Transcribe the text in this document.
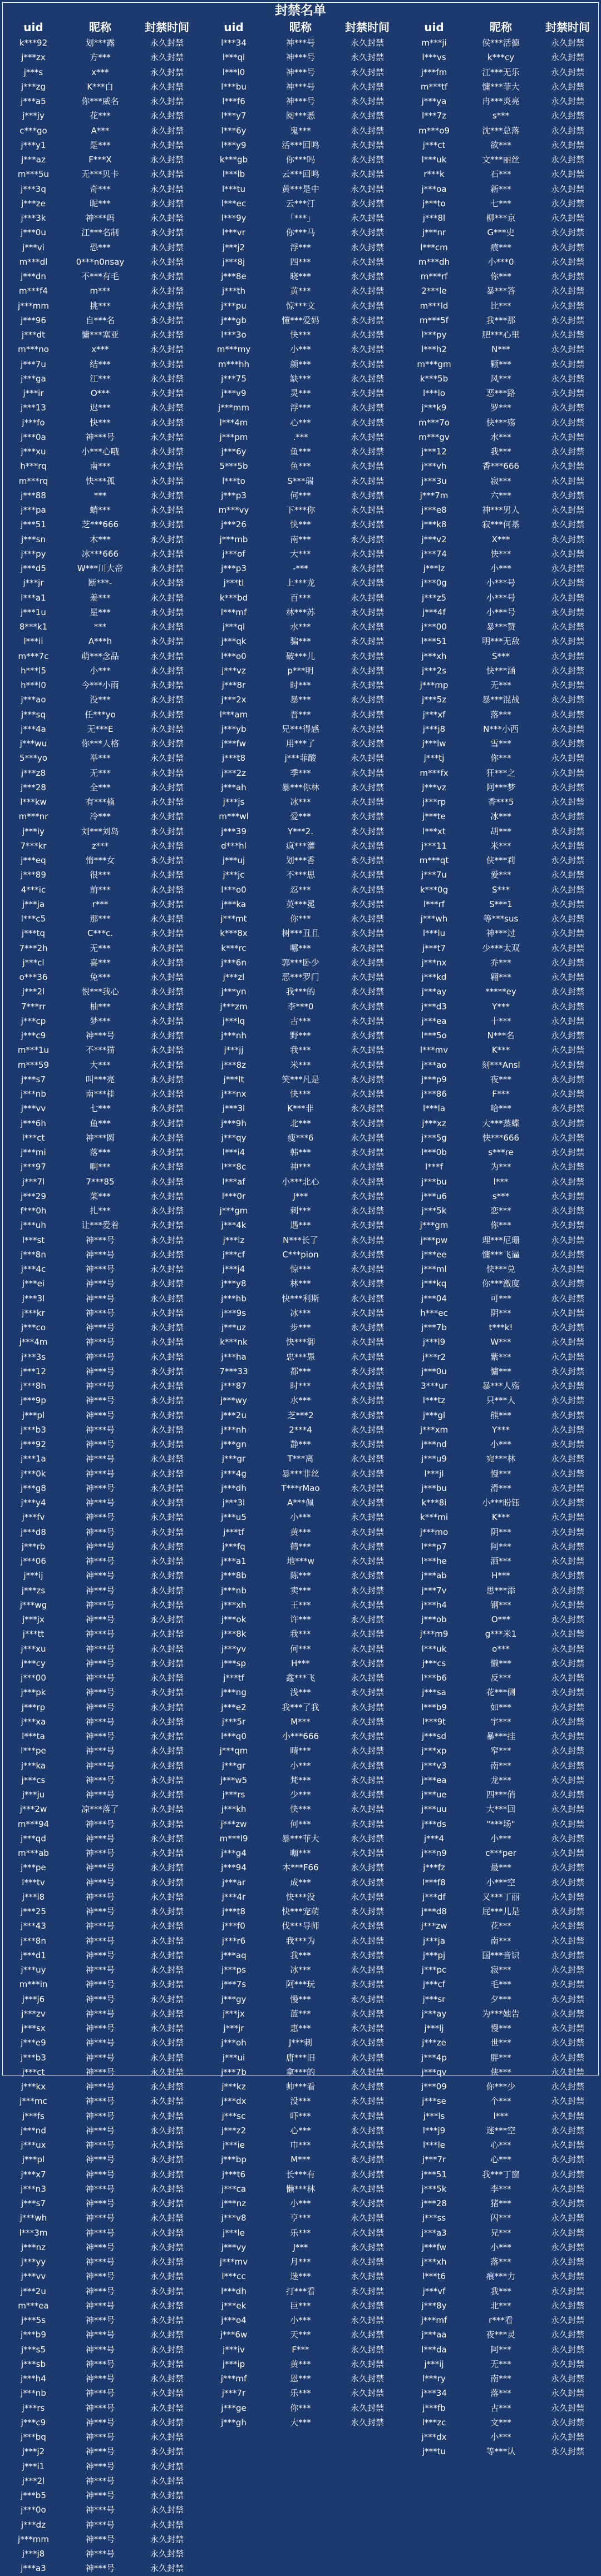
封禁名单
uid	昵称	封禁时间
k***92	划***露	永久封禁
j***zx	方***	永久封禁
j***s	x***	永久封禁
j***zg	K***白	永久封禁
j***a5	你***威名	永久封禁
j***jy	花***	永久封禁
c***go	A***	永久封禁
j***y1	是***	永久封禁
j***az	F***X	永久封禁
m***5u	无***贝卡	永久封禁
j***3q	奇***	永久封禁
j***ze	昵***	永久封禁
j***3k	神***吗	永久封禁
j***0u	江***名制	永久封禁
j***vi	恐***	永久封禁
m***dl	0***n0nsay	永久封禁
j***dn	不***有毛	永久封禁
m***f4	m***	永久封禁
j***mm	挑***	永久封禁
j***96	自***名	永久封禁
j***dt	慵***塞亚	永久封禁
m***no	x***	永久封禁
j***7u	结***	永久封禁
j***ga	江***	永久封禁
j***ir	O***	永久封禁
j***13	迟***	永久封禁
j***fo	快***	永久封禁
j***0a	神***号	永久封禁
j***xu	小***心哦	永久封禁
h***rq	南***	永久封禁
m***rq	快***孤	永久封禁
j***88	***	永久封禁
j***pa	蛸***	永久封禁
j***51	芝***666	永久封禁
j***sn	木***	永久封禁
j***py	冰***666	永久封禁
j***d5	W***川大帝	永久封禁
j***jr	断***-	永久封禁
l***a1	羞***	永久封禁
j***1u	星***	永久封禁
8***k1	***	永久封禁
l***ii	A***h	永久封禁
m***7c	萌***念品	永久封禁
h***l5	小***	永久封禁
h***l0	今***小雨	永久封禁
j***ao	没***	永久封禁
j***sq	任***yo	永久封禁
j***4a	无***E	永久封禁
j***wu	你***人格	永久封禁
5***yo	举***	永久封禁
j***z8	无***	永久封禁
j***28	全***	永久封禁
l***kw	有***楠	永久封禁
m***nr	冷***	永久封禁
j***iy	刘***刘岛	永久封禁
7***kr	z***	永久封禁
j***eq	惰***女	永久封禁
j***89	很***	永久封禁
4***ic	前***	永久封禁
j***ja	r***	永久封禁
l***c5	那***	永久封禁
j***tq	C***c.	永久封禁
7***2h	无***	永久封禁
j***cl	喜***	永久封禁
o***36	兔***	永久封禁
j***2l	恨***我心	永久封禁
7***rr	柚***	永久封禁
j***cp	梦***	永久封禁
j***c9	神***号	永久封禁
m***1u	不***猫	永久封禁
m***59	大***	永久封禁
j***s7	叫***亮	永久封禁
j***nb	南***桂	永久封禁
j***vv	七***	永久封禁
j***6h	鱼***	永久封禁
l***ct	神***圆	永久封禁
j***mi	落***	永久封禁
j***97	啊***	永久封禁
j***7l	7***85	永久封禁
j***29	菜***	永久封禁
f***0h	扎***	永久封禁
j***uh	让***爱着	永久封禁
l***st	神***号	永久封禁
j***8n	神***号	永久封禁
j***4c	神***号	永久封禁
j***ei	神***号	永久封禁
j***3l	神***号	永久封禁
j***kr	神***号	永久封禁
j***co	神***号	永久封禁
j***4m	神***号	永久封禁
j***3s	神***号	永久封禁
j***12	神***号	永久封禁
j***8h	神***号	永久封禁
j***9p	神***号	永久封禁
j***pl	神***号	永久封禁
j***b3	神***号	永久封禁
j***92	神***号	永久封禁
j***1a	神***号	永久封禁
j***0k	神***号	永久封禁
j***g8	神***号	永久封禁
j***y4	神***号	永久封禁
j***fv	神***号	永久封禁
j***d8	神***号	永久封禁
j***rb	神***号	永久封禁
j***06	神***号	永久封禁
j***ij	神***号	永久封禁
j***zs	神***号	永久封禁
j***wg	神***号	永久封禁
j***jx	神***号	永久封禁
j***tt	神***号	永久封禁
j***xu	神***号	永久封禁
j***cy	神***号	永久封禁
j***00	神***号	永久封禁
j***pk	神***号	永久封禁
j***rp	神***号	永久封禁
j***xa	神***号	永久封禁
l***ta	神***号	永久封禁
l***pe	神***号	永久封禁
j***ka	神***号	永久封禁
j***cs	神***号	永久封禁
j***ju	神***号	永久封禁
j***2w	凉***落了	永久封禁
m***94	神***号	永久封禁
j***qd	神***号	永久封禁
m***ab	神***号	永久封禁
j***pe	神***号	永久封禁
l***tv	神***号	永久封禁
j***i8	神***号	永久封禁
j***25	神***号	永久封禁
j***43	神***号	永久封禁
j***8n	神***号	永久封禁
j***d1	神***号	永久封禁
j***uy	神***号	永久封禁
m***in	神***号	永久封禁
j***j6	神***号	永久封禁
j***zv	神***号	永久封禁
j***sx	神***号	永久封禁
j***e9	神***号	永久封禁
j***b3	神***号	永久封禁
j***ct	神***号	永久封禁
j***kx	神***号	永久封禁
j***mc	神***号	永久封禁
j***fs	神***号	永久封禁
j***nd	神***号	永久封禁
j***ux	神***号	永久封禁
j***pl	神***号	永久封禁
j***x7	神***号	永久封禁
j***n3	神***号	永久封禁
j***s7	神***号	永久封禁
j***wh	神***号	永久封禁
l***3m	神***号	永久封禁
j***nz	神***号	永久封禁
j***yy	神***号	永久封禁
j***vv	神***号	永久封禁
j***2u	神***号	永久封禁
m***ea	神***号	永久封禁
j***5s	神***号	永久封禁
j***b9	神***号	永久封禁
j***s5	神***号	永久封禁
j***sb	神***号	永久封禁
j***h4	神***号	永久封禁
j***nb	神***号	永久封禁
j***rs	神***号	永久封禁
j***c9	神***号	永久封禁
j***bq	神***号	永久封禁
j***j2	神***号	永久封禁
j***i1	神***号	永久封禁
j***2l	神***号	永久封禁
j***b5	神***号	永久封禁
j***0o	神***号	永久封禁
j***dz	神***号	永久封禁
j***mm	神***号	永久封禁
j***j8	神***号	永久封禁
j***a3	神***号	永久封禁
uid	昵称	封禁时间
l***34	神***号	永久封禁
l***ql	神***号	永久封禁
l***l0	神***号	永久封禁
l***bu	神***号	永久封禁
l***f6	神***号	永久封禁
l***y7	阅***悉	永久封禁
l***6y	鬼***	永久封禁
l***y9	活***回鸣	永久封禁
k***gb	你***吗	永久封禁
l***lb	云***回鸣	永久封禁
l***tu	黄***是中	永久封禁
l***ec	云***汀	永久封禁
l***9y	「***」	永久封禁
l***vr	你***马	永久封禁
j***j2	浮***	永久封禁
j***8j	四***	永久封禁
j***8e	晓***	永久封禁
j***th	黄***	永久封禁
j***pu	惊***文	永久封禁
j***gb	懂***爱妈	永久封禁
l***3o	快***	永久封禁
m***my	小***	永久封禁
m***hh	颜***	永久封禁
j***75	缺***	永久封禁
j***v9	灵***	永久封禁
j***mm	浮***	永久封禁
l***4m	心***	永久封禁
j***pm	.***	永久封禁
j***6y	鱼***	永久封禁
5***5b	鱼***	永久封禁
l***to	S***瑞	永久封禁
j***p3	何***	永久封禁
m***vy	下***你	永久封禁
j***26	快***	永久封禁
j***mb	南***	永久封禁
j***of	大***	永久封禁
j***p3	-***	永久封禁
j***tl	上***龙	永久封禁
k***bd	百***	永久封禁
l***mf	林***苏	永久封禁
j***ql	水***	永久封禁
j***qk	骗***	永久封禁
l***o0	破***儿	永久封禁
j***vz	p***明	永久封禁
j***8r	时***	永久封禁
j***2x	暴***	永久封禁
l***am	晋***	永久封禁
j***yb	兄***得感	永久封禁
j***fw	用***了	永久封禁
j***t8	j***菲酸	永久封禁
j***2z	季***	永久封禁
j***ah	暴***你林	永久封禁
j***js	冰***	永久封禁
m***wl	爱***	永久封禁
j***39	Y***2.	永久封禁
d***hl	疯***灌	永久封禁
j***uj	划***香	永久封禁
j***jc	不***思	永久封禁
l***o0	忍***	永久封禁
j***ka	英***冕	永久封禁
j***mt	你***	永久封禁
k***8x	树***丑且	永久封禁
k***rc	哪***	永久封禁
j***6n	郭***卧少	永久封禁
j***zl	恶***罗门	永久封禁
j***yn	我***的	永久封禁
j***zm	李***0	永久封禁
j***lq	古***	永久封禁
j***nh	野***	永久封禁
j***jj	我***	永久封禁
j***8z	米***	永久封禁
j***lt	笑***凡是	永久封禁
j***nx	快***	永久封禁
j***3l	K***非	永久封禁
j***9h	北***	永久封禁
j***qy	瘦***6	永久封禁
l***i4	韩***	永久封禁
l***8c	神***	永久封禁
l***af	小***北心	永久封禁
l***0r	J***	永久封禁
j***gm	刺***	永久封禁
j***4k	遇***	永久封禁
j***lz	N***长了	永久封禁
j***cf	C***pion	永久封禁
j***j4	惊***	永久封禁
j***y8	林***	永久封禁
j***hb	快***利斯	永久封禁
j***9s	冰***	永久封禁
j***uz	步***	永久封禁
k***nk	快***御	永久封禁
j***ha	忠***愚	永久封禁
7***33	都***	永久封禁
j***87	时***	永久封禁
j***wy	水***	永久封禁
j***2u	芝***2	永久封禁
j***nh	2***4	永久封禁
j***gn	静***	永久封禁
j***gr	T***离	永久封禁
j***4g	暴***非丝	永久封禁
j***dh	T***rMao	永久封禁
j***3l	A***佩	永久封禁
j***u5	小***	永久封禁
j***tf	黄***	永久封禁
j***fq	鹤***	永久封禁
j***a1	地***w	永久封禁
j***8b	陈***	永久封禁
j***nb	卖***	永久封禁
j***xh	王***	永久封禁
j***ok	许***	永久封禁
j***8k	我***	永久封禁
j***yv	何***	永久封禁
j***sp	H***	永久封禁
j***tf	鑫***飞	永久封禁
j***ng	浅***	永久封禁
j***e2	我***了我	永久封禁
j***5r	M***	永久封禁
l***q0	小***666	永久封禁
j***qm	晴***	永久封禁
j***gr	小***	永久封禁
j***w5	梵***	永久封禁
j***rs	少***	永久封禁
j***kh	快***	永久封禁
j***zw	何***	永久封禁
m***l9	暴***菲大	永久封禁
j***g4	咖***	永久封禁
j***94	本***F66	永久封禁
j***ar	成***	永久封禁
j***4r	快***没	永久封禁
j***t8	快***宠萌	永久封禁
j***f0	伐***导师	永久封禁
j***r6	我***为	永久封禁
j***aq	我***	永久封禁
j***ps	冰***	永久封禁
j***7s	阿***玩	永久封禁
j***gy	慢***	永久封禁
j***jx	蓝***	永久封禁
j***jr	惠***	永久封禁
j***oh	J***刺	永久封禁
j***ui	唐***旧	永久封禁
j***7b	拿***的	永久封禁
j***kz	帅***看	永久封禁
j***dx	没***	永久封禁
j***sc	吓***	永久封禁
j***z2	心***	永久封禁
j***ie	巾***	永久封禁
j***bp	M***	永久封禁
j***t6	长***有	永久封禁
j***ca	懒***林	永久封禁
j***nz	小***	永久封禁
j***v8	亨***	永久封禁
j***le	乐***	永久封禁
j***vy	J***	永久封禁
j***mv	月***	永久封禁
l***cc	迷***	永久封禁
l***dh	打***看	永久封禁
j***ek	巨***	永久封禁
j***o4	小***	永久封禁
j***6w	天***	永久封禁
j***iv	F***	永久封禁
j***ip	黄***	永久封禁
j***mf	恩***	永久封禁
j***7r	乐***	永久封禁
j***ge	你***	永久封禁
j***gh	大***	永久封禁
uid	昵称	封禁时间
m***ji	侯***活德	永久封禁
l***vs	k***cy	永久封禁
j***fm	江***无乐	永久封禁
m***tf	慵***菲大	永久封禁
j***ya	冉***炎亮	永久封禁
l***7z	s***	永久封禁
m***o9	沈***总落	永久封禁
j***ct	欲***	永久封禁
l***uk	文***丽丝	永久封禁
r***k	石***	永久封禁
j***oa	新***	永久封禁
j***to	七***	永久封禁
j***8l	柳***京	永久封禁
j***nr	G***史	永久封禁
l***cm	痕***	永久封禁
m***dh	小***0	永久封禁
m***rf	你***	永久封禁
2***le	暴***答	永久封禁
m***ld	比***	永久封禁
m***5f	我***那	永久封禁
l***py	肥***心里	永久封禁
l***h2	N***	永久封禁
m***gm	颗***	永久封禁
k***5b	风***	永久封禁
l***lo	恶***路	永久封禁
j***k9	罗***	永久封禁
m***7o	快***殇	永久封禁
m***gv	水***	永久封禁
j***12	我***	永久封禁
j***vh	香***666	永久封禁
j***3u	寂***	永久封禁
j***7m	六***	永久封禁
j***e8	神***男人	永久封禁
j***k8	寂***何基	永久封禁
j***v2	X***	永久封禁
j***74	快***	永久封禁
j***lz	小***	永久封禁
j***0g	小***号	永久封禁
j***z5	小***号	永久封禁
j***4f	小***号	永久封禁
j***00	暴***赞	永久封禁
l***51	明***无敌	永久封禁
j***xh	S***	永久封禁
j***2s	快***涵	永久封禁
j***mp	无***	永久封禁
j***5z	暴***混战	永久封禁
j***xf	落***	永久封禁
j***j8	N***小西	永久封禁
j***lw	雪***	永久封禁
j***tj	你***	永久封禁
m***fx	狂***之	永久封禁
j***vz	阿***梦	永久封禁
j***rp	香***5	永久封禁
j***te	冰***	永久封禁
l***xt	胡***	永久封禁
j***11	米***	永久封禁
m***qt	侠***莉	永久封禁
j***7u	爱***	永久封禁
k***0g	S***	永久封禁
l***rf	S***1	永久封禁
j***wh	等***sus	永久封禁
l***lu	神***过	永久封禁
j***t7	少***太双	永久封禁
j***nx	乔***	永久封禁
j***kd	翱***	永久封禁
j***ay	*****ey	永久封禁
j***d3	Y***	永久封禁
j***ea	十***	永久封禁
l***5o	N***名	永久封禁
l***mv	K***	永久封禁
j***ao	刻***Ansl	永久封禁
j***p9	夜***	永久封禁
j***86	F***	永久封禁
l***la	哈***	永久封禁
j***xz	大***蒸蝶	永久封禁
j***5g	快***666	永久封禁
l***0b	s***re	永久封禁
l***f	为***	永久封禁
j***bu	l***	永久封禁
j***u6	s***	永久封禁
j***5k	恋***	永久封禁
j***gm	你***	永久封禁
j***pw	理***尼珊	永久封禁
j***ee	慵***飞逼	永久封禁
j***ml	快***兑	永久封禁
j***kq	你***激度	永久封禁
j***04	可***	永久封禁
h***ec	阴***	永久封禁
j***7b	t***k!	永久封禁
j***l9	W***	永久封禁
j***r2	紫***	永久封禁
j***0u	慵***	永久封禁
3***ur	暴***人殇	永久封禁
l***tz	只***人	永久封禁
j***gl	熊***	永久封禁
j***xm	Y***	永久封禁
j***nd	小***	永久封禁
j***u9	宛***林	永久封禁
l***jl	慢***	永久封禁
j***bu	滑***	永久封禁
k***8i	小***盼钰	永久封禁
k***mi	K***	永久封禁
j***mo	阴***	永久封禁
l***p7	阿***	永久封禁
l***he	洒***	永久封禁
j***ab	H***	永久封禁
j***7v	思***添	永久封禁
j***h4	钢***	永久封禁
j***ob	O***	永久封禁
j***m9	g***米1	永久封禁
l***uk	o***	永久封禁
j***cs	懒***	永久封禁
l***b6	反***	永久封禁
j***sa	花***侧	永久封禁
l***b9	如***	永久封禁
l***9t	宇***	永久封禁
j***sd	暴***挂	永久封禁
j***xp	窄***	永久封禁
j***v3	南***	永久封禁
j***ea	龙***	永久封禁
j***ue	四***俏	永久封禁
j***uu	大***回	永久封禁
j***ds	"***场"	永久封禁
j***4	小***	永久封禁
j***n9	c***per	永久封禁
j***fz	最***	永久封禁
l***f8	小***空	永久封禁
j***df	又***丁丽	永久封禁
j***d8	屁***儿是	永久封禁
j***zw	花***	永久封禁
j***ja	南***	永久封禁
j***pj	国***音识	永久封禁
j***pc	寂***	永久封禁
j***cf	毛***	永久封禁
j***sr	夕***	永久封禁
j***ay	为***她告	永久封禁
j***lj	慢***	永久封禁
j***ze	世***	永久封禁
j***4p	胖***	永久封禁
j***qv	侠***	永久封禁
j***09	你***少	永久封禁
j***se	个***	永久封禁
j***ls	l***	永久封禁
l***j9	迷***空	永久封禁
l***le	心***	永久封禁
j***7r	心***	永久封禁
j***51	我***丁窗	永久封禁
j***5k	李***	永久封禁
j***28	猪***	永久封禁
j***ss	闪***	永久封禁
j***a3	兄***	永久封禁
j***fw	小***	永久封禁
j***xh	落***	永久封禁
l***t6	痕***力	永久封禁
j***vf	我***	永久封禁
j***8y	北***	永久封禁
j***mf	r***看	永久封禁
j***aa	夜***灵	永久封禁
l***da	阿***	永久封禁
j***ij	无***	永久封禁
l***ry	南***	永久封禁
j***34	落***	永久封禁
j***fb	古***	永久封禁
l***zc	文***	永久封禁
j***dx	小***	永久封禁
j***tu	等***认	永久封禁
